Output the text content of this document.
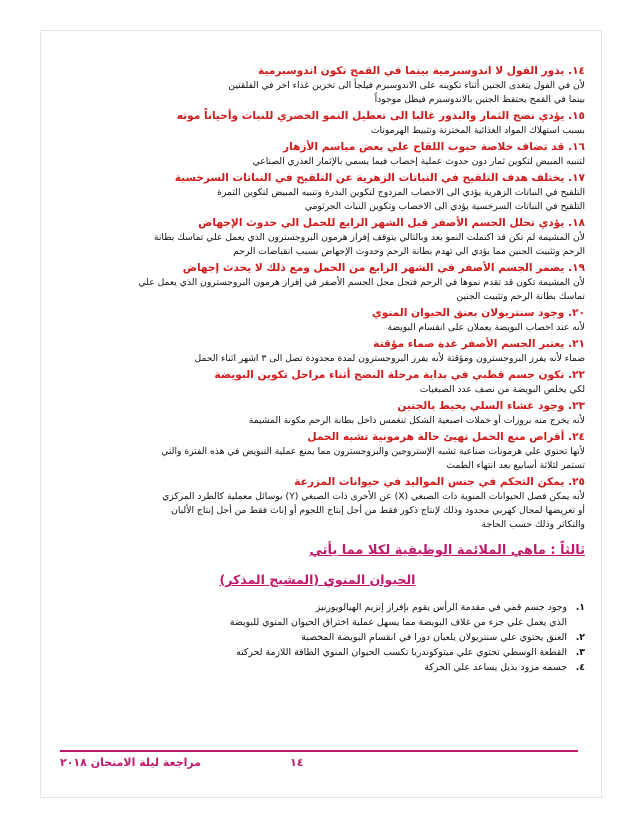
١٤. بذور الفول لا اندوسبرمية بينما في القمح تكون اندوسبرمية
لأن في الفول يتغذى الجنين أثناء تكوينه على الاندوسبرم فيلجأ الى تخزين غذاء اخر في الفلقتين
بينما في القمح يحتفظ الجنين بالاندوسبرم فيظل موجوداً
١٥. يؤدي نضج الثمار والبذور غالبا الى تعطيل النمو الخضري للنبات وأحياناً موته
بسبب استهلاك المواد الغذائية المختزنة وتثبيط الهرمونات
١٦. قد تضاف خلاصة حبوب اللقاح علي بعض مياسم الأزهار
لتنبيه المبيض لتكوين ثمار دون حدوث عملية إخصاب فيما يسمي بالإثمار العذري الصناعي
١٧. يختلف هدف التلقيح في النباتات الزهرية عن التلقيح في النباتات السرخسية
التلقيح في النباتات الزهرية يؤدي الى الاخصاب المزدوج لتكوين البذرة وتنبيه المبيض لتكوين الثمرة
التلقيح في النباتات السرخسية يؤدي الى الاخصاب وتكوين النبات الجرثومي
١٨. يؤدي تحلل الجسم الأصفر قبل الشهر الرابع للحمل الي حدوث الإجهاض
لأن المشيمة لم تكن قد اكتملت النمو بعد وبالتالي يتوقف إفراز هرمون البروجسترون الذي يعمل علي تماسك بطانة
الرحم وتثبيت الجنين مما يؤدي الي تهدم بطانة الرحم وحدوث الإجهاض بسبب انقباضات الرحم
١٩. يضمر الجسم الأصفر في الشهر الرابع من الحمل ومع ذلك لا يحدث إجهاض
لأن المشيمة تكون قد تقدم نموها في الرحم فتحل محل الجسم الأصفر في إفراز هرمون البروجسترون الذي يعمل علي
تماسك بطانة الرحم وتثبيت الجنين
٢٠. وجود سنتريولان بعنق الحيوان المنوي
لأنه عند اخصاب البويضة يعملان على انقسام البويضة
٢١. يعتبر الجسم الأصفر غدة صماء مؤقتة
صماء لأنه يفرز البروجسترون ومؤقتة لأنه يفرز البروجسترون لمدة محدودة تصل الى ٣ اشهر اثناء الحمل
٢٢. تكون جسم قطبي في بداية مرحلة النضج أثناء مراحل تكوين البويضة
لكي يخلص البويضة من نصف عدد الصبغيات
٢٣. وجود غشاء السلي يحيط بالجنين
لأنه يخرج منه بروزات أو خملات اصبعية الشكل تنغمس داخل بطانة الرحم مكونة المشيمة
٢٤. أقراص منع الحمل تهيئ حالة هرمونية تشبه الحمل
لأنها تحتوي علي هرمونات صناعية تشبه الإستروجين والبروجسترون مما يمنع عملية التبويض في هذه الفترة والتي
تستمر لثلاثة أسابيع بعد انتهاء الطمث
٢٥. يمكن التحكم في جنس المواليد في حيوانات المزرعة
لأنه يمكن فصل الحيوانات المنوية ذات الصبغي (X) عن الأخرى ذات الصبغي (Y) بوسائل معملية كالطرد المركزي
أو تعريضها لمجال كهربي محدود وذلك لإنتاج ذكور فقط من أجل إنتاج اللحوم أو إناث فقط من أجل إنتاج الألبان
والتكاثر وذلك حسب الحاجة
ثالثاً : ماهي الملائمة الوظيفية لكلا مما يأتي
الحيوان المنوي (المشيج المذكر)
١.
وجود جسم قمي في مقدمة الرأس يقوم بإفراز إنزيم الهيالويورنيز
الذي يعمل علي جزء من غلاف البويضة مما يسهل عملية اختراق الحيوان المنوي للبويضة
٢.
العنق يحتوي علي سنتريولان يلعبان دورا في انقسام البويضة المخصبة
٣.
القطعة الوسطي تحتوي علي ميتوكوندريا تكسب الحيوان المنوي الطاقة اللازمة لحركته
٤.
جسمه مزود بذيل يساعد علي الحركة
مراجعة ليلة الامتحان ٢٠١٨	١٤
